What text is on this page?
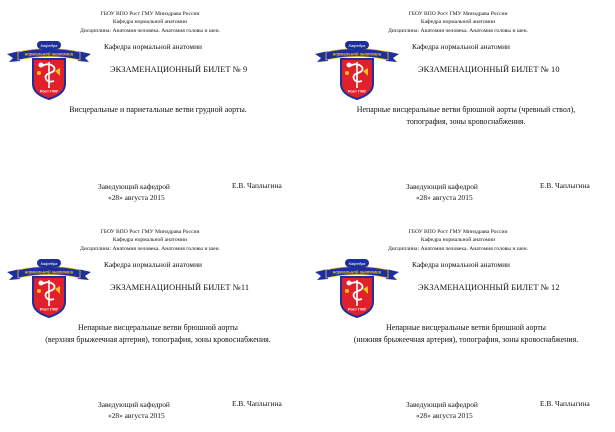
ГБОУ ВПО Рост ГМУ Минздрава России
Кафедра нормальной анатомии
Дисциплина: Анатомия человека. Анатомия головы и шеи.
Кафедра
нормальной анатомии
Рост ГМУ
Кафедра нормальной анатомии
ЭКЗАМЕНАЦИОННЫЙ БИЛЕТ № 9
Висцеральные и париетальные ветви грудной аорты.
Заведующий кафедрой	Е.В. Чаплыгина
«28» августа 2015
ГБОУ ВПО Рост ГМУ Минздрава России
Кафедра нормальной анатомии
Дисциплина: Анатомия человека. Анатомия головы и шеи.
Кафедра
нормальной анатомии
Рост ГМУ
Кафедра нормальной анатомии
ЭКЗАМЕНАЦИОННЫЙ БИЛЕТ № 10
Непарные висцеральные ветви брюшной аорты (чревный ствол),
топография, зоны кровоснабжения.
Заведующий кафедрой	Е.В. Чаплыгина
«28» августа 2015
ГБОУ ВПО Рост ГМУ Минздрава России
Кафедра нормальной анатомии
Дисциплина: Анатомия человека. Анатомия головы и шеи.
Кафедра
нормальной анатомии
Рост ГМУ
Кафедра нормальной анатомии
ЭКЗАМЕНАЦИОННЫЙ БИЛЕТ №11
Непарные висцеральные ветви брюшной аорты
(верхняя брыжеечная артерия), топография, зоны кровоснабжения.
Заведующий кафедрой	Е.В. Чаплыгина
«28» августа 2015
ГБОУ ВПО Рост ГМУ Минздрава России
Кафедра нормальной анатомии
Дисциплина: Анатомия человека. Анатомия головы и шеи.
Кафедра
нормальной анатомии
Рост ГМУ
Кафедра нормальной анатомии
ЭКЗАМЕНАЦИОННЫЙ БИЛЕТ № 12
Непарные висцеральные ветви брюшной аорты
(нижняя брыжеечная артерия), топография, зоны кровоснабжения.
Заведующий кафедрой	Е.В. Чаплыгина
«28» августа 2015
